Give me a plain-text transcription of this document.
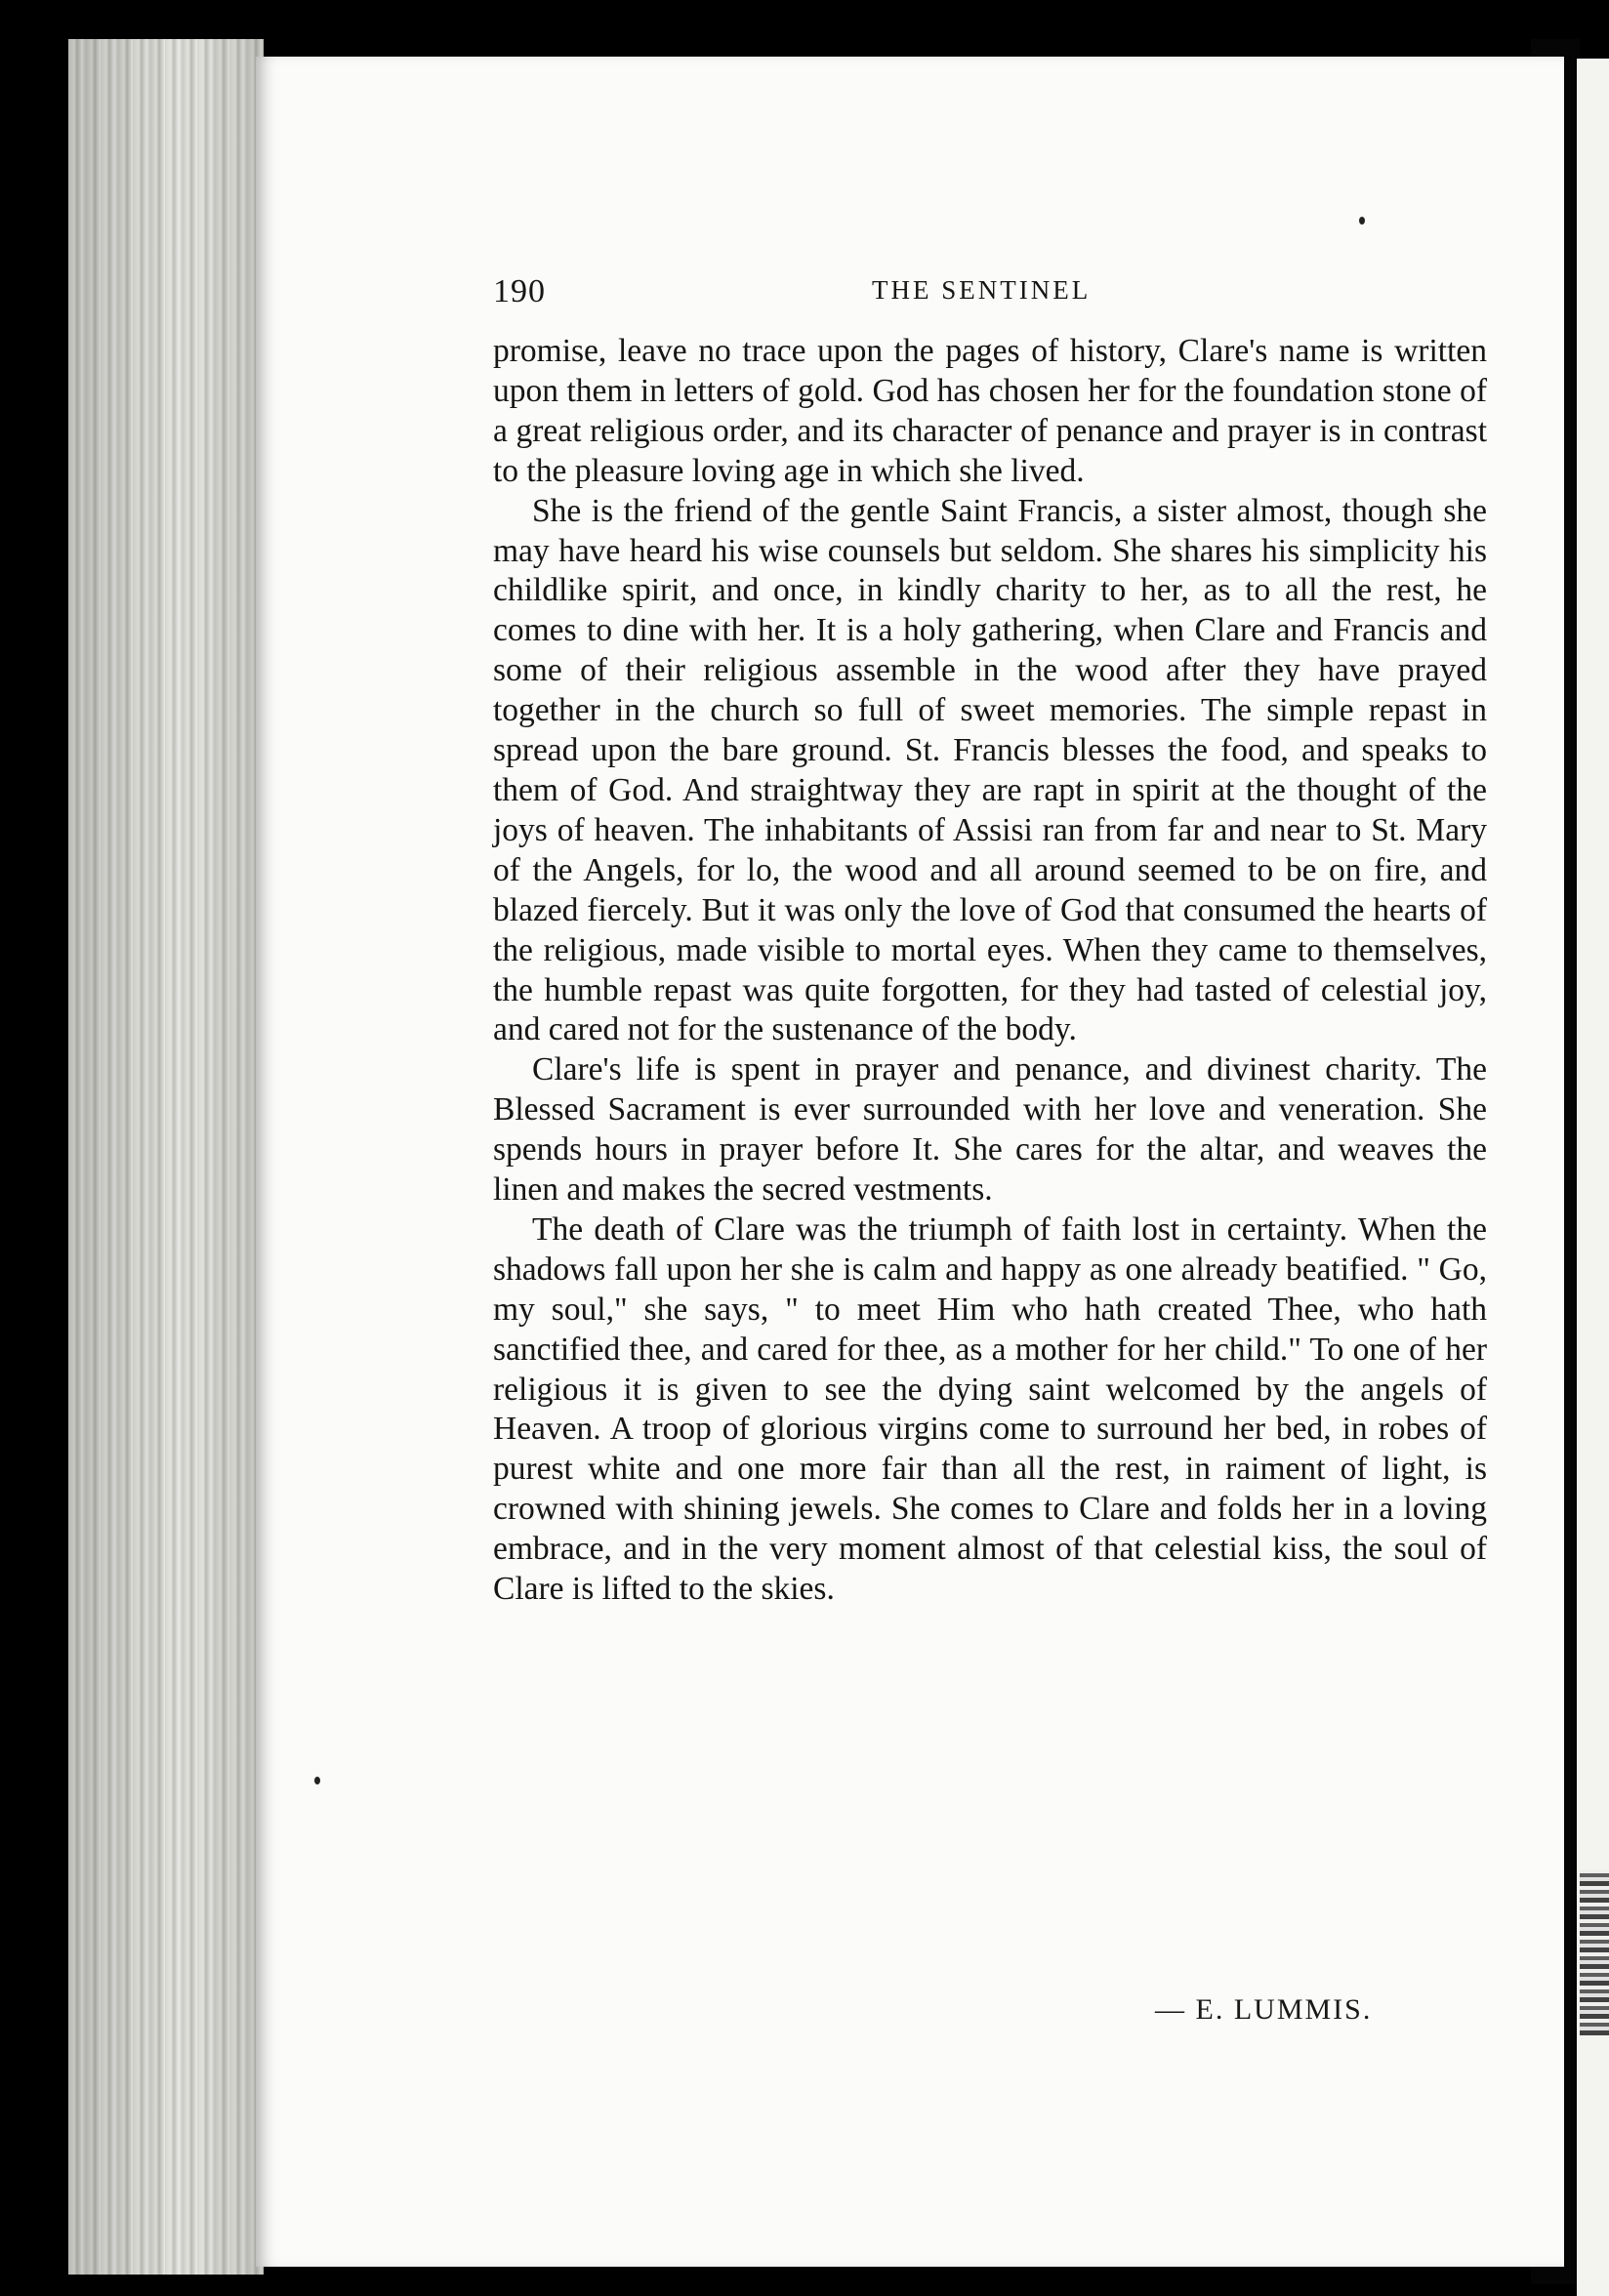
190	THE SENTINEL

promise, leave no trace upon the pages of history, Clare's name is written upon them in letters of gold. God has chosen her for the foundation stone of a great religious order, and its character of penance and prayer is in contrast to the pleasure loving age in which she lived.

She is the friend of the gentle Saint Francis, a sister almost, though she may have heard his wise counsels but seldom. She shares his simplicity his childlike spirit, and once, in kindly charity to her, as to all the rest, he comes to dine with her. It is a holy gathering, when Clare and Francis and some of their religious assemble in the wood after they have prayed together in the church so full of sweet memories. The simple repast in spread upon the bare ground. St. Francis blesses the food, and speaks to them of God. And straightway they are rapt in spirit at the thought of the joys of heaven. The inhabitants of Assisi ran from far and near to St. Mary of the Angels, for lo, the wood and all around seemed to be on fire, and blazed fiercely. But it was only the love of God that consumed the hearts of the religious, made visible to mortal eyes. When they came to themselves, the humble repast was quite forgotten, for they had tasted of celestial joy, and cared not for the sustenance of the body.

Clare's life is spent in prayer and penance, and divinest charity. The Blessed Sacrament is ever surrounded with her love and veneration. She spends hours in prayer before It. She cares for the altar, and weaves the linen and makes the secred vestments.

The death of Clare was the triumph of faith lost in certainty. When the shadows fall upon her she is calm and happy as one already beatified. " Go, my soul," she says, " to meet Him who hath created Thee, who hath sanctified thee, and cared for thee, as a mother for her child." To one of her religious it is given to see the dying saint welcomed by the angels of Heaven. A troop of glorious virgins come to surround her bed, in robes of purest white and one more fair than all the rest, in raiment of light, is crowned with shining jewels. She comes to Clare and folds her in a loving embrace, and in the very moment almost of that celestial kiss, the soul of Clare is lifted to the skies.

— E. LUMMIS.
